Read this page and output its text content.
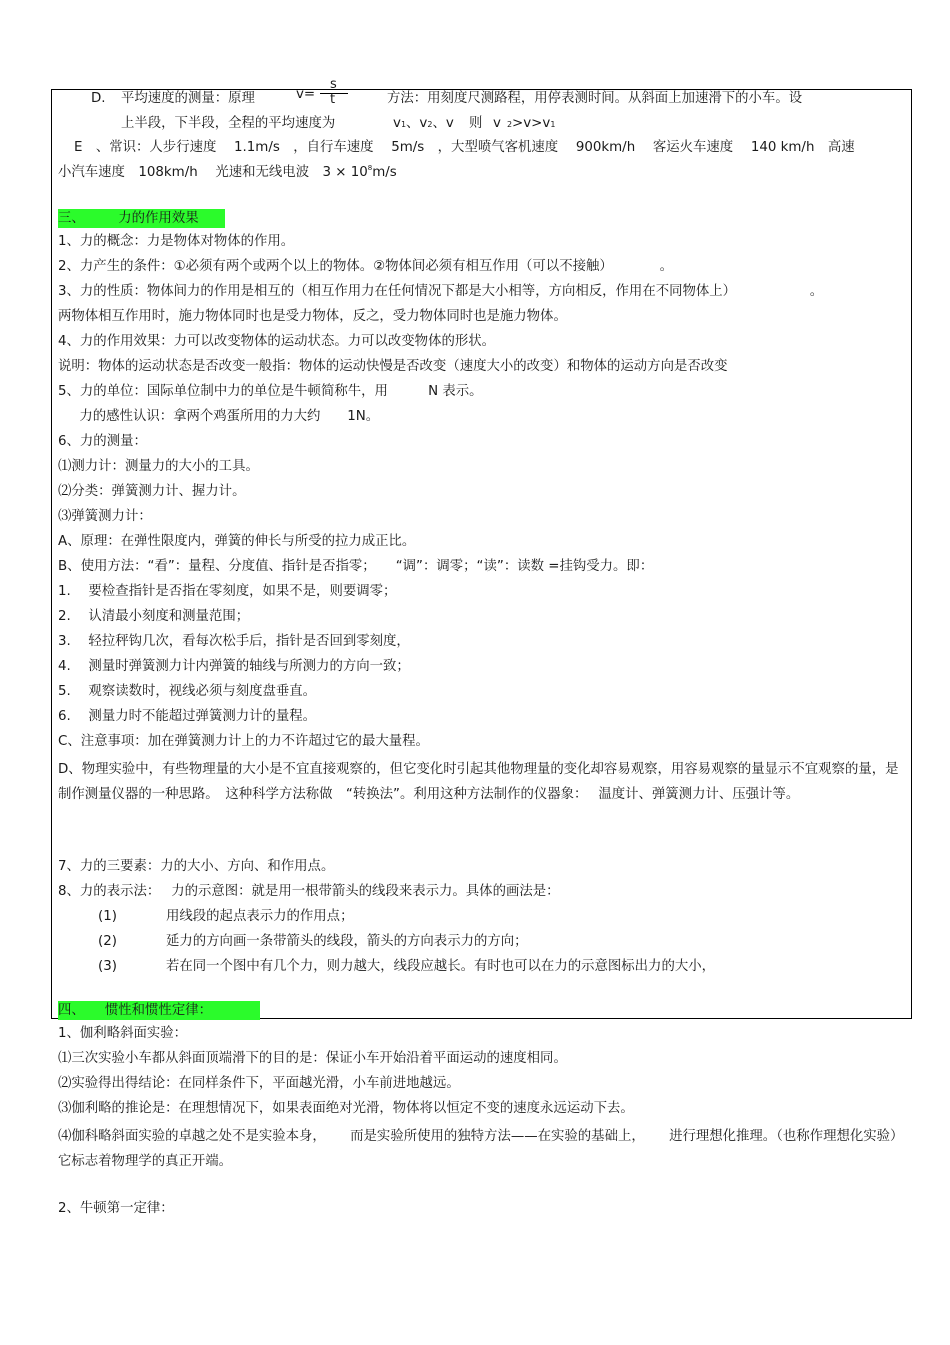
D. 平均速度的测量：原理	v=
s
t	方法：用刻度尺测路程，用停表测时间。从斜面上加速滑下的小车。设
上半段，下半段，全程的平均速度为	v1、v2、v 则 v 2>v>v1
E　、常识：人步行速度　 1.1m/s　，自行车速度　 5m/s　，大型喷气客机速度　 900km/h　 客运火车速度　 140 km/h　高速
小汽车速度　108km/h　 光速和无线电波　$3 \times 10^8m/s$
三、　　　力的作用效果
1、力的概念：力是物体对物体的作用。
2、力产生的条件：①必须有两个或两个以上的物体。②物体间必须有相互作用（可以不接触）　　　　。
3、力的性质：物体间力的作用是相互的（相互作用力在任何情况下都是大小相等，方向相反，作用在不同物体上）　　　　　　。
两物体相互作用时，施力物体同时也是受力物体，反之，受力物体同时也是施力物体。
4、力的作用效果：力可以改变物体的运动状态。力可以改变物体的形状。
说明：物体的运动状态是否改变一般指：物体的运动快慢是否改变（速度大小的改变）和物体的运动方向是否改变
5、力的单位：国际单位制中力的单位是牛顿简称牛，用　　　N 表示。
　力的感性认识：拿两个鸡蛋所用的力大约　　1N。
6、力的测量：
⑴测力计：测量力的大小的工具。
⑵分类：弹簧测力计、握力计。
⑶弹簧测力计：
A、原理：在弹性限度内，弹簧的伸长与所受的拉力成正比。
B、使用方法：“看”：量程、分度值、指针是否指零；　　“调”：调零；“读”：读数 =挂钩受力。即：
1.　 要检查指针是否指在零刻度，如果不是，则要调零；
2.　 认清最小刻度和测量范围；
3.　 轻拉秤钩几次，看每次松手后，指针是否回到零刻度，
4.　 测量时弹簧测力计内弹簧的轴线与所测力的方向一致；
5.　 观察读数时，视线必须与刻度盘垂直。
6.　 测量力时不能超过弹簧测力计的量程。
C、注意事项：加在弹簧测力计上的力不许超过它的最大量程。
D、物理实验中，有些物理量的大小是不宜直接观察的，但它变化时引起其他物理量的变化却容易观察，用容易观察的量显示不宜观察的量，是制作测量仪器的一种思路。　这种科学方法称做　“转换法”。利用这种方法制作的仪器象：　 温度计、弹簧测力计、压强计等。
7、力的三要素：力的大小、方向、和作用点。
8、力的表示法：　 力的示意图：就是用一根带箭头的线段来表示力。具体的画法是：
(1)	用线段的起点表示力的作用点；
(2)	延力的方向画一条带箭头的线段，箭头的方向表示力的方向；
(3)	若在同一个图中有几个力，则力越大，线段应越长。有时也可以在力的示意图标出力的大小，
四、　　惯性和惯性定律：
1、伽利略斜面实验：
⑴三次实验小车都从斜面顶端滑下的目的是：保证小车开始沿着平面运动的速度相同。
⑵实验得出得结论：在同样条件下，平面越光滑，小车前进地越远。
⑶伽利略的推论是：在理想情况下，如果表面绝对光滑，物体将以恒定不变的速度永远运动下去。
⑷伽科略斜面实验的卓越之处不是实验本身，　　 而是实验所使用的独特方法——在实验的基础上，　　 进行理想化推理。（也称作理想化实验）它标志着物理学的真正开端。
2、牛顿第一定律：
